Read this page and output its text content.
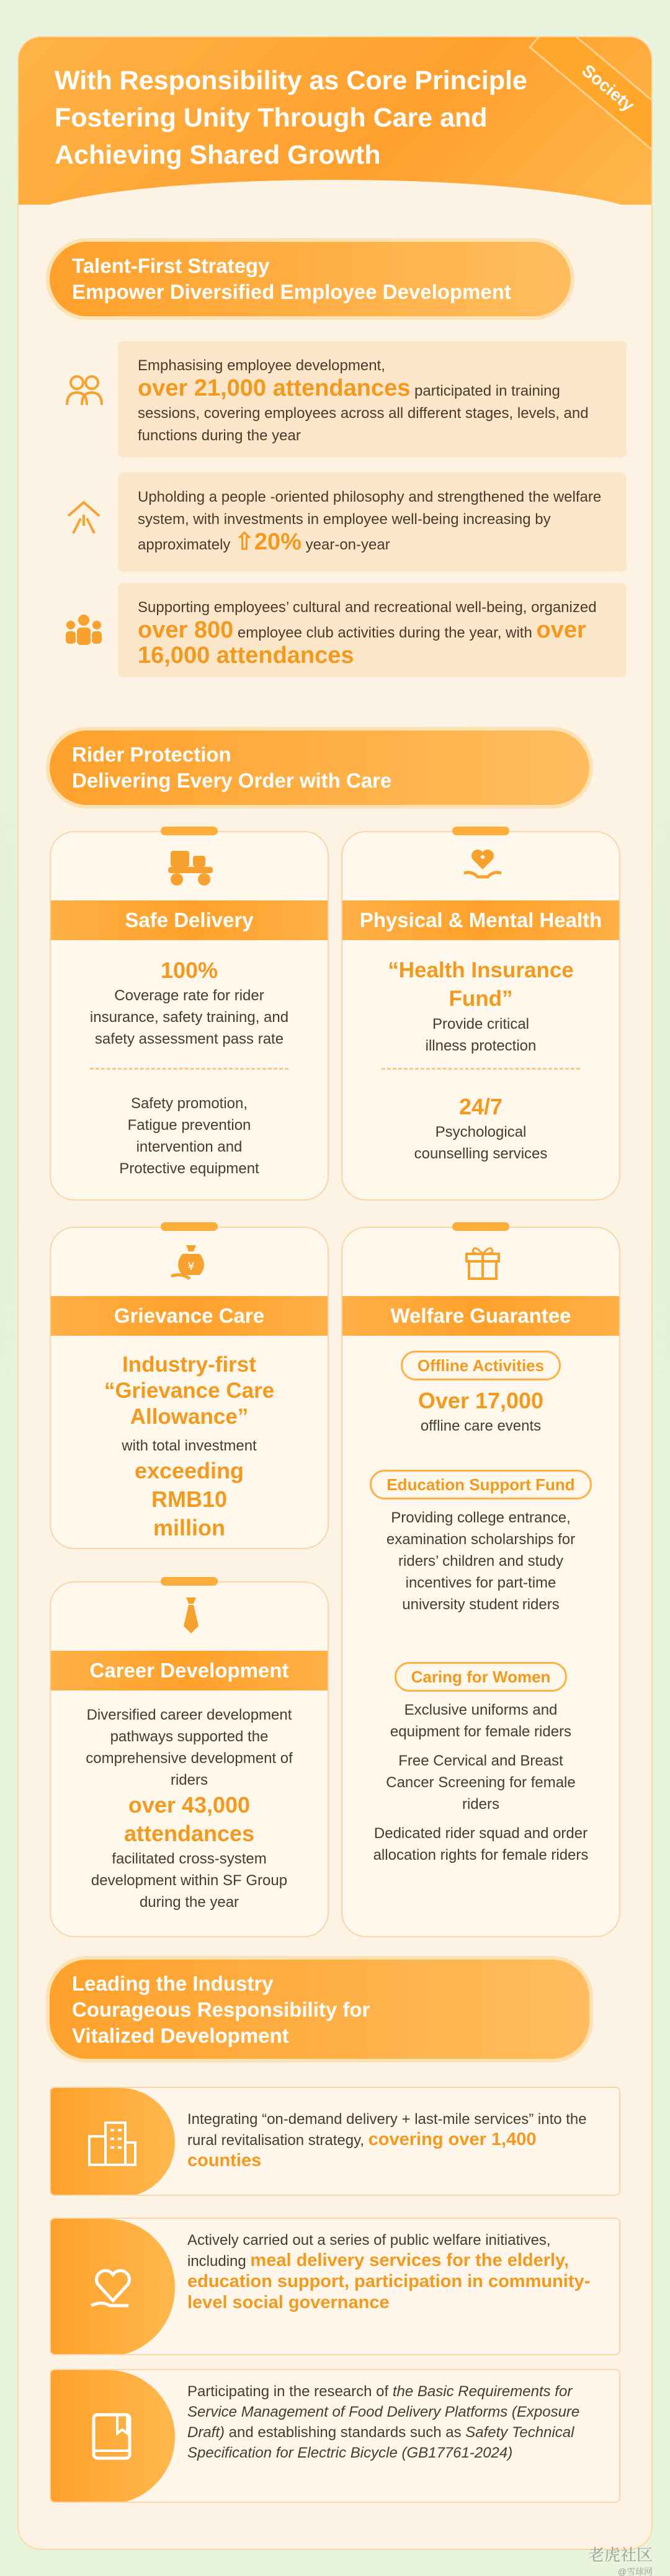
With Responsibility as Core Principle
Fostering Unity Through Care and
Achieving Shared Growth
Society
Talent-First Strategy
Empower Diversified Employee Development
Emphasising employee development,
over 21,000 attendances participated in training sessions, covering employees across all different stages, levels, and functions during the year
Upholding a people -oriented philosophy and strengthened the welfare system, with investments in employee well-being increasing by approximately ⇧20% year-on-year
Supporting employees’ cultural and recreational well-being, organized over 800 employee club activities during the year, with over 16,000 attendances
Rider Protection
Delivering Every Order with Care
Safe Delivery
100%
Coverage rate for rider insurance, safety training, and safety assessment pass rate
Safety promotion, Fatigue prevention intervention and Protective equipment
Physical & Mental Health
“Health Insurance Fund”
Provide critical illness protection
24/7
Psychological counselling services
¥
Grievance Care
Industry-first “Grievance Care Allowance”
with total investment
exceeding RMB10 million
Career Development
Diversified career development pathways supported the comprehensive development of riders
over 43,000 attendances
facilitated cross-system development within SF Group during the year
Welfare Guarantee
Offline Activities
Over 17,000
offline care events
Education Support Fund
Providing college entrance, examination scholarships for riders’ children and study incentives for part-time university student riders
Caring for Women
Exclusive uniforms and equipment for female riders
Free Cervical and Breast Cancer Screening for female riders
Dedicated rider squad and order allocation rights for female riders
Leading the Industry
Courageous Responsibility for
Vitalized Development
Integrating “on-demand delivery + last-mile services” into the rural revitalisation strategy, covering over 1,400 counties
Actively carried out a series of public welfare initiatives, including meal delivery services for the elderly, education support, participation in community-level social governance
Participating in the research of the Basic Requirements for Service Management of Food Delivery Platforms (Exposure Draft) and establishing standards such as Safety Technical Specification for Electric Bicycle (GB17761-2024)
老虎社区
@雪球网
